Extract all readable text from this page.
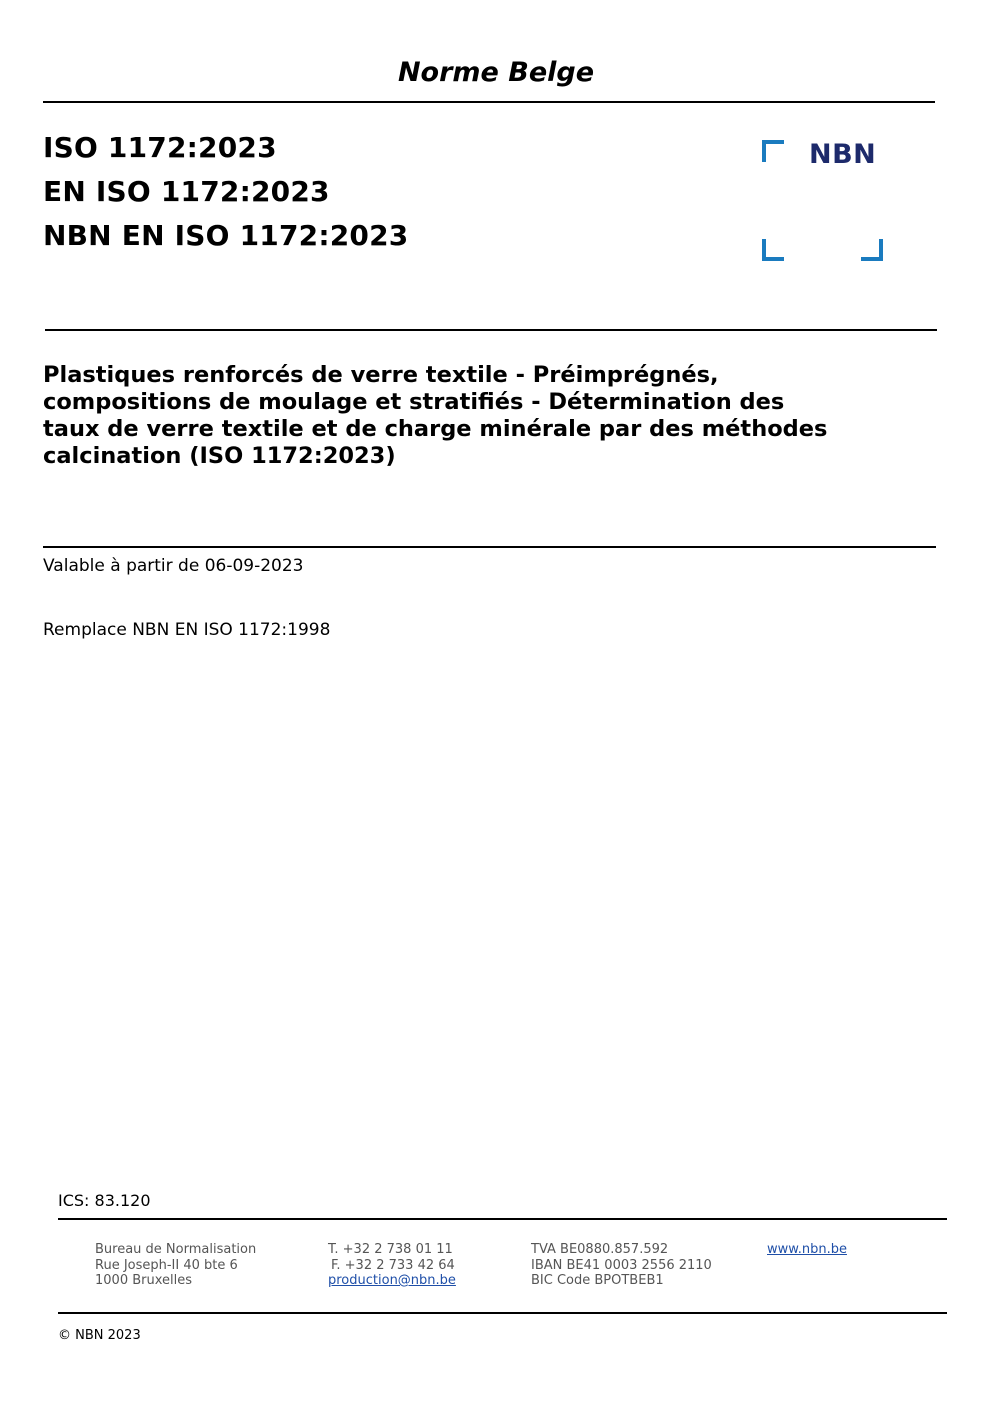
Norme Belge
ISO 1172:2023
EN ISO 1172:2023
NBN EN ISO 1172:2023
NBN
Plastiques renforcés de verre textile - Préimprégnés,
compositions de moulage et stratifiés - Détermination des
taux de verre textile et de charge minérale par des méthodes
calcination (ISO 1172:2023)
Valable à partir de 06-09-2023
Remplace NBN EN ISO 1172:1998
ICS: 83.120
Bureau de Normalisation
Rue Joseph-II 40 bte 6
1000 Bruxelles
T. +32 2 738 01 11
F. +32 2 733 42 64
production@nbn.be
TVA BE0880.857.592
IBAN BE41 0003 2556 2110
BIC Code BPOTBEB1
www.nbn.be
© NBN 2023
